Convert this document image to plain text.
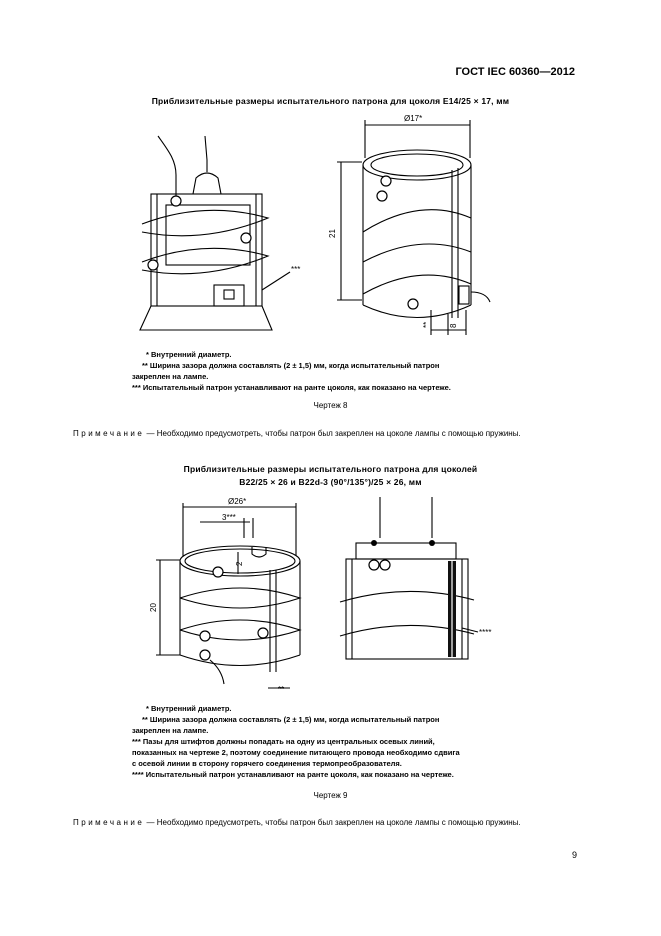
ГОСТ IEC 60360—2012
Приблизительные размеры испытательного патрона для цоколя E14/25 × 17, мм
***
Ø17*
21
** 8
* Внутренний диаметр.
** Ширина зазора должна составлять (2 ± 1,5) мм, когда испытательный патрон
закреплен на лампе.
*** Испытательный патрон устанавливают на ранте цоколя, как показано на чертеже.
Чертеж 8
Примечание — Необходимо предусмотреть, чтобы патрон был закреплен на цоколе лампы с помощью пружины.
Приблизительные размеры испытательного патрона для цоколей
B22/25 × 26 и B22d-3 (90°/135°)/25 × 26, мм
Ø26*
3***
2
20
**
****
* Внутренний диаметр.
** Ширина зазора должна составлять (2 ± 1,5) мм, когда испытательный патрон
закреплен на лампе.
*** Пазы для штифтов должны попадать на одну из центральных осевых линий,
показанных на чертеже 2, поэтому соединение питающего провода необходимо сдвига
с осевой линии в сторону горячего соединения термопреобразователя.
**** Испытательный патрон устанавливают на ранте цоколя, как показано на чертеже.
Чертеж 9
Примечание — Необходимо предусмотреть, чтобы патрон был закреплен на цоколе лампы с помощью пружины.
9
